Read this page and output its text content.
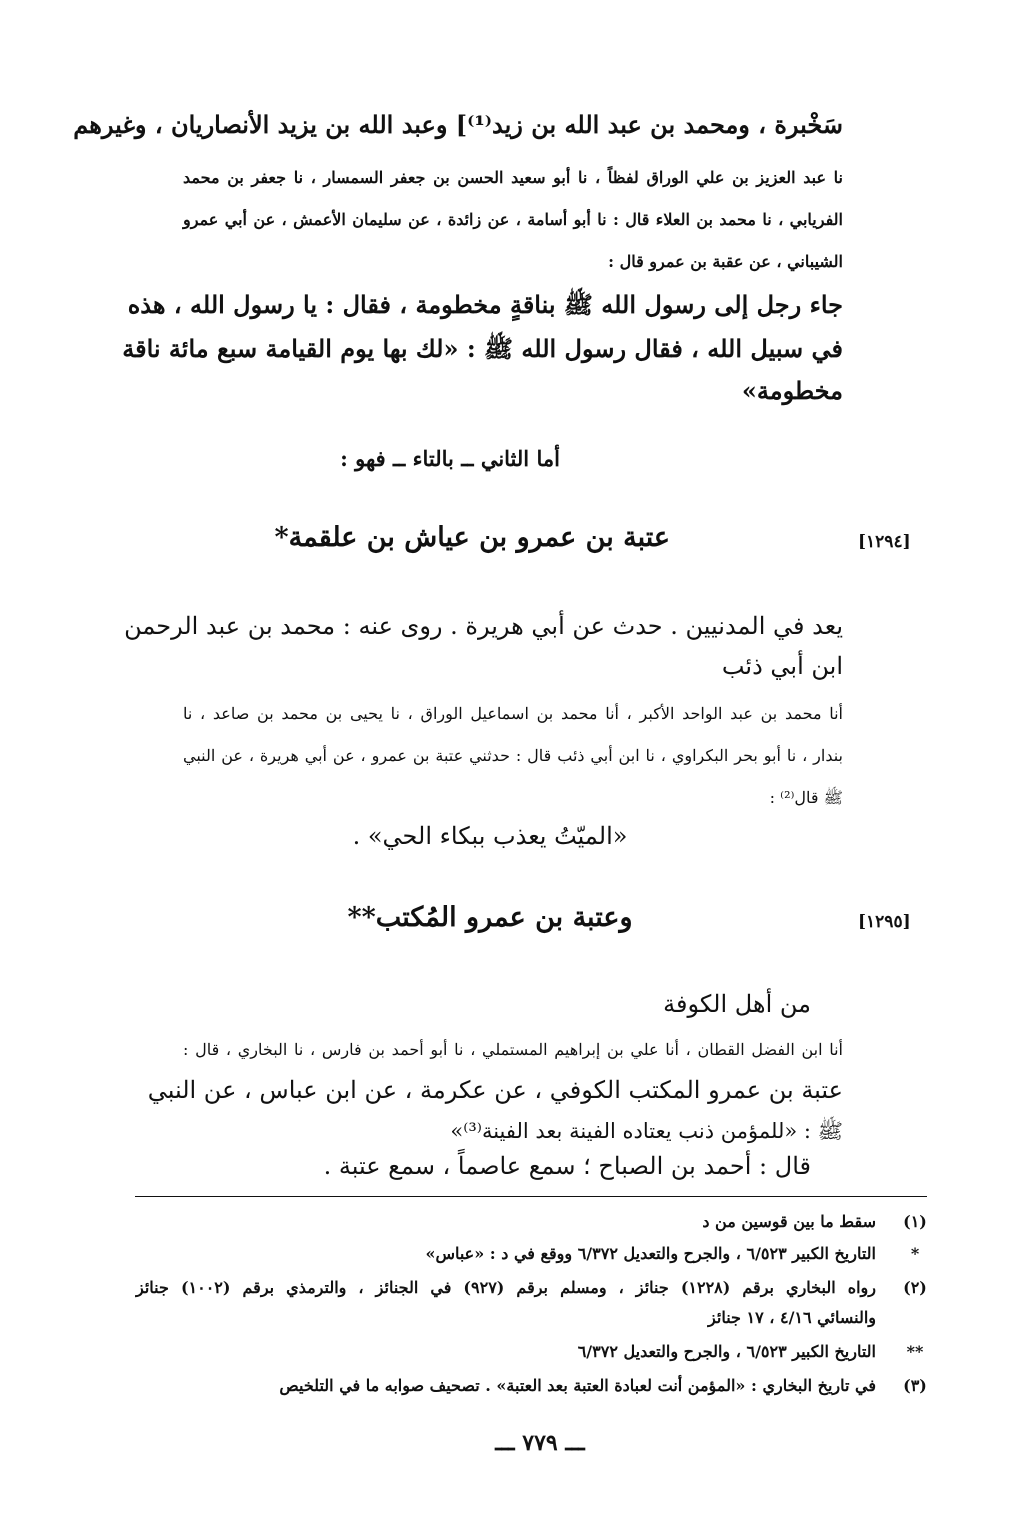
سَخْبرة ، ومحمد بن عبد الله بن زيد⁽¹⁾] وعبد الله بن يزيد الأنصاريان ، وغيرهم
نا عبد العزيز بن علي الوراق لفظاً ، نا أبو سعيد الحسن بن جعفر السمسار ، نا جعفر بن محمد
الفريابي ، نا محمد بن العلاء قال : نا أبو أسامة ، عن زائدة ، عن سليمان الأعمش ، عن أبي عمرو
الشيباني ، عن عقبة بن عمرو قال :
جاء رجل إلى رسول الله ﷺ بناقةٍ مخطومة ، فقال : يا رسول الله ، هذه
في سبيل الله ، فقال رسول الله ﷺ : «لك بها يوم القيامة سبع مائة ناقة
مخطومة»
أما الثاني ــ بالتاء ــ فهو :
[١٢٩٤]
عتبة بن عمرو بن عياش بن علقمة*
يعد في المدنيين . حدث عن أبي هريرة . روى عنه : محمد بن عبد الرحمن
ابن أبي ذئب
أنا محمد بن عبد الواحد الأكبر ، أنا محمد بن اسماعيل الوراق ، نا يحيى بن محمد بن صاعد ، نا
بندار ، نا أبو بحر البكراوي ، نا ابن أبي ذئب قال : حدثني عتبة بن عمرو ، عن أبي هريرة ، عن النبي
ﷺ قال⁽²⁾ :
«الميّتُ يعذب ببكاء الحي» .
[١٢٩٥]
وعتبة بن عمرو المُكتب**
من أهل الكوفة
أنا ابن الفضل القطان ، أنا علي بن إبراهيم المستملي ، نا أبو أحمد بن فارس ، نا البخاري ، قال :
عتبة بن عمرو المكتب الكوفي ، عن عكرمة ، عن ابن عباس ، عن النبي
ﷺ : «للمؤمن ذنب يعتاده الفينة بعد الفينة⁽³⁾»
قال : أحمد بن الصباح ؛ سمع عاصماً ، سمع عتبة .
(١)
سقط ما بين قوسين من د
*
التاريخ الكبير ٦/٥٢٣ ، والجرح والتعديل ٦/٣٧٢ ووقع في د : «عباس»
(٢)
رواه البخاري برقم (١٢٢٨) جنائز ، ومسلم برقم (٩٢٧) في الجنائز ، والترمذي برقم (١٠٠٢) جنائز
والنسائي ٤/١٦ ، ١٧ جنائز
**
التاريخ الكبير ٦/٥٢٣ ، والجرح والتعديل ٦/٣٧٢
(٣)
في تاريخ البخاري : «المؤمن أنت لعبادة العتبة بعد العتبة» . تصحيف صوابه ما في التلخيص
ـــ ٧٧٩ ـــ
